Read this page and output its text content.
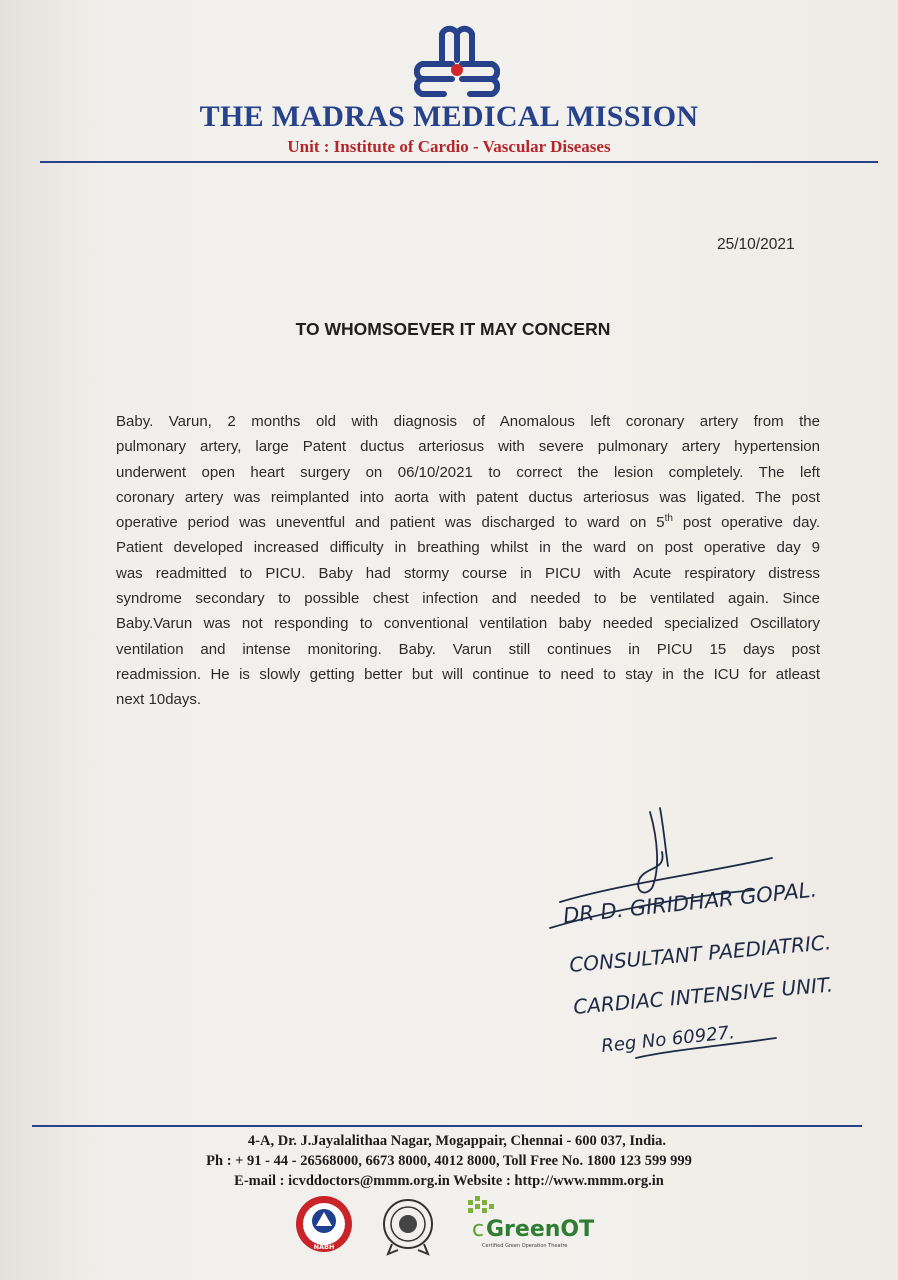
THE MADRAS MEDICAL MISSION
Unit : Institute of Cardio - Vascular Diseases
25/10/2021
TO WHOMSOEVER IT MAY CONCERN

Baby. Varun, 2 months old with diagnosis of Anomalous left coronary artery from the
pulmonary artery, large Patent ductus arteriosus with severe pulmonary artery hypertension
underwent open heart surgery on 06/10/2021 to correct the lesion completely. The left
coronary artery was reimplanted into aorta with patent ductus arteriosus was ligated. The post
operative period was uneventful and patient was discharged to ward on 5th post operative day.
Patient developed increased difficulty in breathing whilst in the ward on post operative day 9
was readmitted to PICU. Baby had stormy course in PICU with Acute respiratory distress
syndrome secondary to possible chest infection and needed to be ventilated again. Since
Baby.Varun was not responding to conventional ventilation baby needed specialized Oscillatory
ventilation and intense monitoring. Baby. Varun still continues in PICU 15 days post
readmission. He is slowly getting better but will continue to need to stay in the ICU for atleast
next 10days.

DR D. GIRIDHAR GOPAL.
CONSULTANT PAEDIATRIC.
CARDIAC INTENSIVE UNIT.
Reg No 60927.
4-A, Dr. J.Jayalalithaa Nagar, Mogappair, Chennai - 600 037, India.
Ph : + 91 - 44 - 26568000, 6673 8000, 4012 8000, Toll Free No. 1800 123 599 999
E-mail : icvddoctors@mmm.org.in Website : http://www.mmm.org.in
NABH
c GreenOT
Certified Green Operation Theatre
